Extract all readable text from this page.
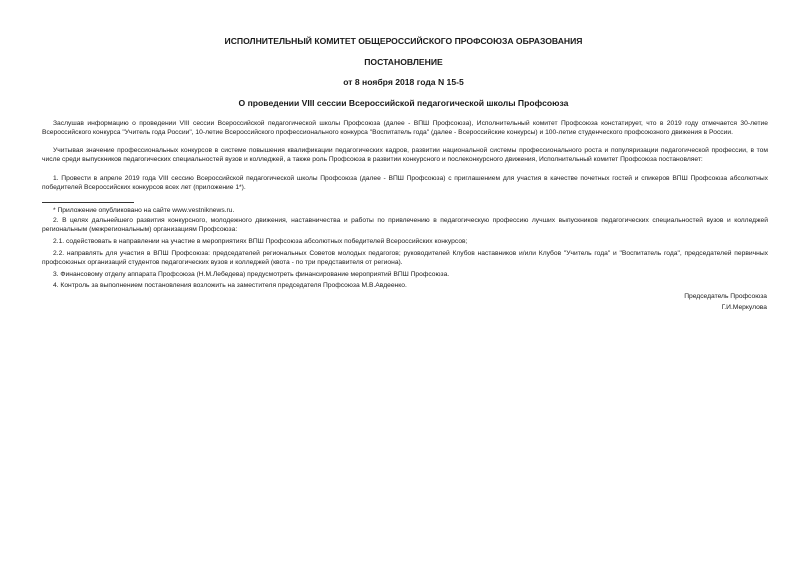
ИСПОЛНИТЕЛЬНЫЙ КОМИТЕТ ОБЩЕРОССИЙСКОГО ПРОФСОЮЗА ОБРАЗОВАНИЯ
ПОСТАНОВЛЕНИЕ
от 8 ноября 2018 года N 15-5
О проведении VIII сессии Всероссийской педагогической школы Профсоюза
Заслушав информацию о проведении VIII сессии Всероссийской педагогической школы Профсоюза (далее - ВПШ Профсоюза), Исполнительный комитет Профсоюза констатирует, что в 2019 году отмечается 30-летие Всероссийского конкурса "Учитель года России", 10-летие Всероссийского профессионального конкурса "Воспитатель года" (далее - Всероссийские конкурсы) и 100-летие студенческого профсоюзного движения в России.
Учитывая значение профессиональных конкурсов в системе повышения квалификации педагогических кадров, развитии национальной системы профессионального роста и популяризации педагогической профессии, в том числе среди выпускников педагогических специальностей вузов и колледжей, а также роль Профсоюза в развитии конкурсного и послеконкурсного движения, Исполнительный комитет Профсоюза постановляет:
1. Провести в апреле 2019 года VIII сессию Всероссийской педагогической школы Профсоюза (далее - ВПШ Профсоюза) с приглашением для участия в качестве почетных гостей и спикеров ВПШ Профсоюза абсолютных победителей Всероссийских конкурсов всех лет (приложение 1*).
* Приложение опубликовано на сайте www.vestniknews.ru.
2. В целях дальнейшего развития конкурсного, молодежного движения, наставничества и работы по привлечению в педагогическую профессию лучших выпускников педагогических специальностей вузов и колледжей региональным (межрегиональным) организациям Профсоюза:
2.1. содействовать в направлении на участие в мероприятиях ВПШ Профсоюза абсолютных победителей Всероссийских конкурсов;
2.2. направлять для участия в ВПШ Профсоюза: председателей региональных Советов молодых педагогов; руководителей Клубов наставников и/или Клубов "Учитель года" и "Воспитатель года", председателей первичных профсоюзных организаций студентов педагогических вузов и колледжей (квота - по три представителя от региона).
3. Финансовому отделу аппарата Профсоюза (Н.М.Лебедева) предусмотреть финансирование мероприятий ВПШ Профсоюза.
4. Контроль за выполнением постановления возложить на заместителя председателя Профсоюза М.В.Авдеенко.
Председатель Профсоюза
Г.И.Меркулова
